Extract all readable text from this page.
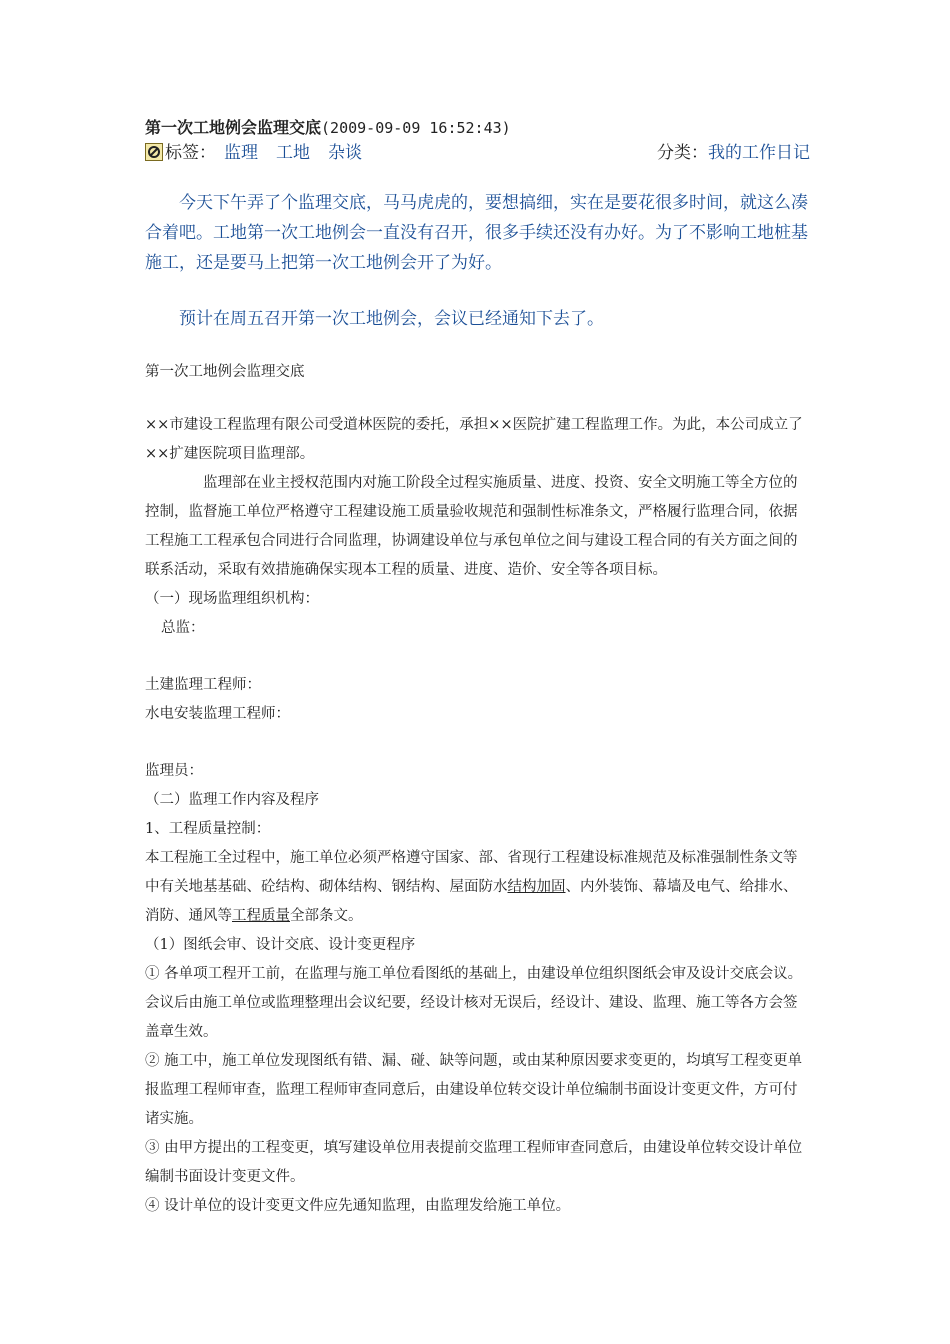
第一次工地例会监理交底(2009-09-09 16:52:43)
标签： 监理 工地 杂谈	分类：我的工作日记

今天下午弄了个监理交底，马马虎虎的，要想搞细，实在是要花很多时间，就这么凑合着吧。工地第一次工地例会一直没有召开，很多手续还没有办好。为了不影响工地桩基施工，还是要马上把第一次工地例会开了为好。

预计在周五召开第一次工地例会，会议已经通知下去了。

第一次工地例会监理交底

××市建设工程监理有限公司受道林医院的委托，承担××医院扩建工程监理工作。为此，本公司成立了××扩建医院项目监理部。

监理部在业主授权范围内对施工阶段全过程实施质量、进度、投资、安全文明施工等全方位的控制，监督施工单位严格遵守工程建设施工质量验收规范和强制性标准条文，严格履行监理合同，依据工程施工工程承包合同进行合同监理，协调建设单位与承包单位之间与建设工程合同的有关方面之间的联系活动，采取有效措施确保实现本工程的质量、进度、造价、安全等各项目标。

（一）现场监理组织机构：

总监：

土建监理工程师：

水电安装监理工程师：

监理员：

（二）监理工作内容及程序

1、工程质量控制：

本工程施工全过程中，施工单位必须严格遵守国家、部、省现行工程建设标准规范及标准强制性条文等中有关地基基础、砼结构、砌体结构、钢结构、屋面防水结构加固、内外装饰、幕墙及电气、给排水、消防、通风等工程质量全部条文。

（1）图纸会审、设计交底、设计变更程序

① 各单项工程开工前，在监理与施工单位看图纸的基础上，由建设单位组织图纸会审及设计交底会议。会议后由施工单位或监理整理出会议纪要，经设计核对无误后，经设计、建设、监理、施工等各方会签盖章生效。

② 施工中，施工单位发现图纸有错、漏、碰、缺等问题，或由某种原因要求变更的，均填写工程变更单报监理工程师审查，监理工程师审查同意后，由建设单位转交设计单位编制书面设计变更文件，方可付诸实施。

③ 由甲方提出的工程变更，填写建设单位用表提前交监理工程师审查同意后，由建设单位转交设计单位编制书面设计变更文件。

④ 设计单位的设计变更文件应先通知监理，由监理发给施工单位。
